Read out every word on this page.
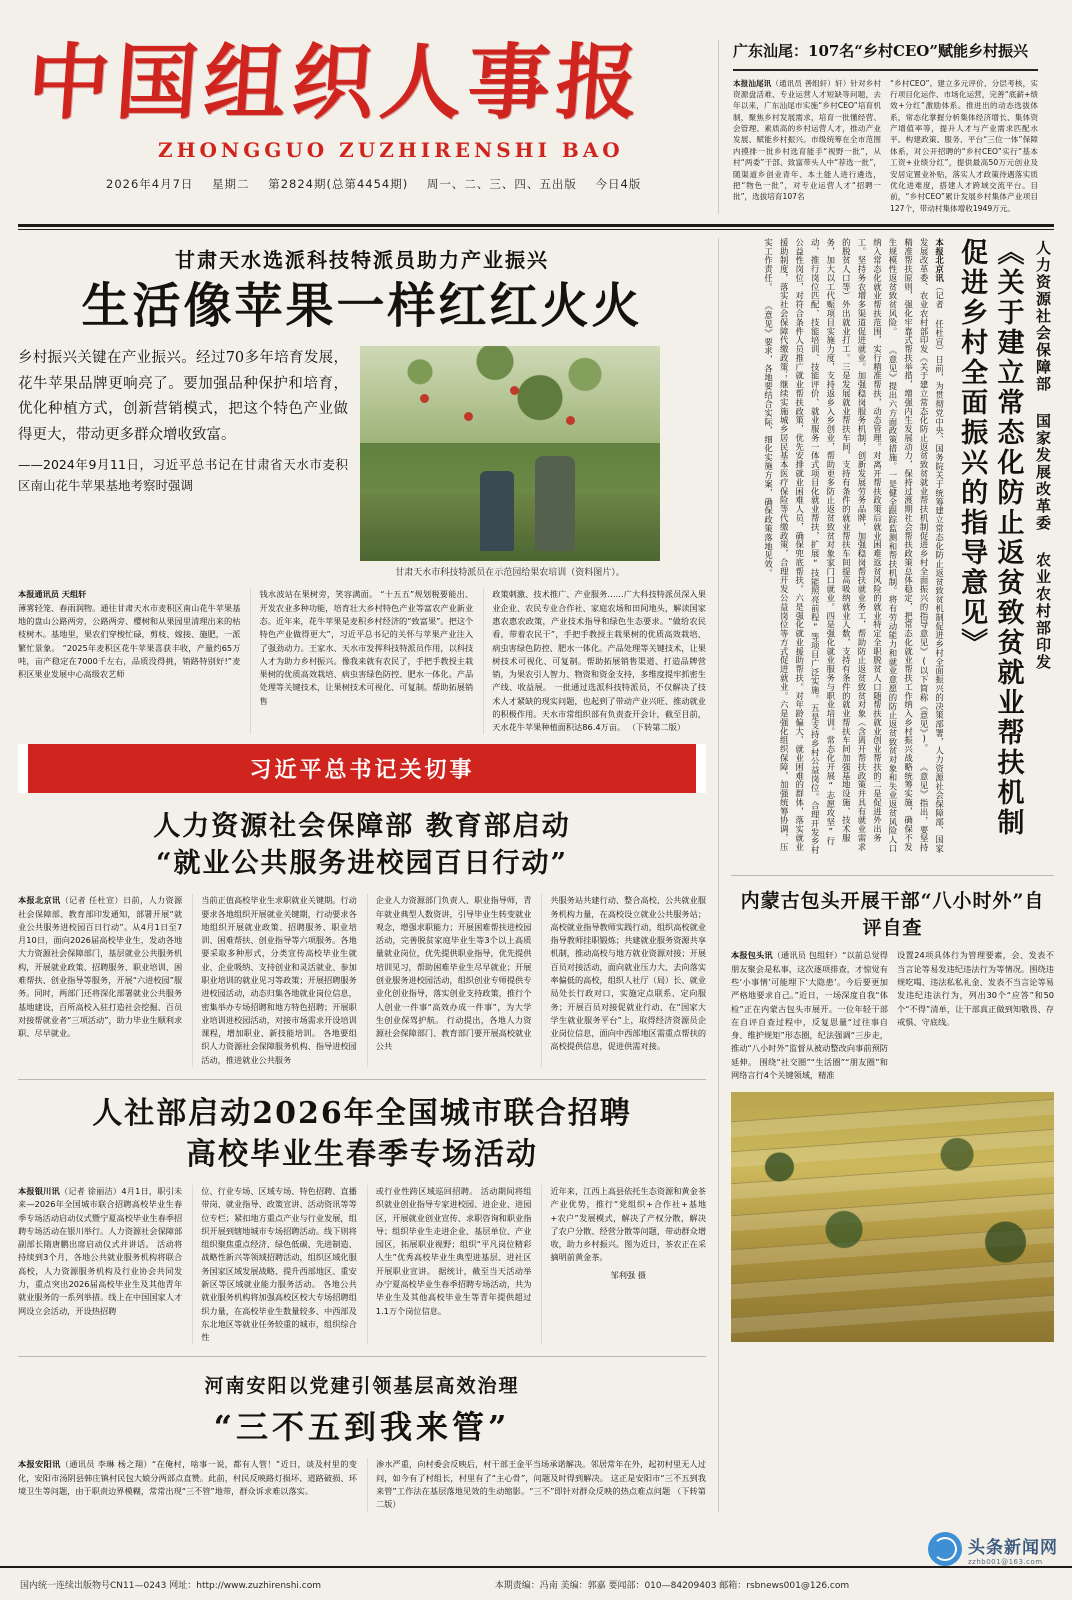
中国组织人事报
ZHONGGUO ZUZHIRENSHI BAO
2026年4月7日 星期二 第2824期(总第4454期) 周一、二、三、四、五出版 今日4版
广东汕尾：107名“乡村CEO”赋能乡村振兴
本报汕尾讯（通讯员 善组轩）轩）针对乡村资源盘活难、专业运营人才短缺等问题，去年以来，广东汕尾市实施“乡村CEO”培育机制，聚焦乡村发展需求，培育一批懂经营、会管理、素质高的乡村运营人才，推动产业发展、赋能乡村振兴。市级统筹在全市范围内摸排一批乡村选育能手“视野一批”，从村“两委”干部、致富带头人中“荐选一批”，随渠道乡创业青年、本土能人进行遴选，把“物色一批”，对专业运营人才“招聘一批”，选拔培育107名
“乡村CEO”。建立多元评价、分层考核，实行项目化运作、市场化运营，完善“底薪+绩效+分红”激励体系。推进出的动态选拔体系，常态化掌握分析集体经济增长、集体资产增值率等，提升人才与产业需求匹配水平。构建政策、服务、平台“三位一体”保障体系，对公开招聘的“乡村CEO”实行“基本工资+业绩分红”，提供最高50万元创业及安居定置业补贴，落实人才政策待遇落实质优化进难度，搭建人才跨域交流平台。目前，“乡村CEO”累计发展乡村集体产业项目127个，带动村集体增收1949万元。
甘肃天水选派科技特派员助力产业振兴
生活像苹果一样红红火火
乡村振兴关键在产业振兴。经过70多年培育发展，花牛苹果品牌更响亮了。要加强品种保护和培育，优化种植方式，创新营销模式，把这个特色产业做得更大，带动更多群众增收致富。
——2024年9月11日，习近平总书记在甘肃省天水市麦积区南山花牛苹果基地考察时强调
甘肃天水市科技特派员在示范园给果农培训（资料图片）。
本报通讯员 天组轩
薄雾轻笼、春雨润物。通往甘肃天水市麦积区南山花牛苹果基地的盘山公路两旁，公路两旁、樱树和从果园里清理出来的枯枝树木。基地里，果农们穿梭忙碌，剪枝、嫁接、施肥，一派繁忙景象。 “2025年麦积区花牛苹果喜获丰收，产量约65万吨，亩产稳定在7000千左右，品质没得挑，销路特别好!”麦积区果业发展中心高级农艺师
钱水波站在果树旁，笑容满面。 “十五五”规划税要能出、开发农业多种功能，培育壮大乡村特色产业等富农产业新业态。近年来，花牛苹果是麦积乡村经济的“致富果”。把这个特色产业做得更大”，习近平总书记的关怀与苹果产业注入了强劲动力。王家水、天水市发挥科技特派员作用，以科技人才为助力乡村振兴。像我来就有农民了，手把手教授主栽果树的优质高效栽培、病虫害绿色防控、肥水一体化。产品处理等关键技术，让果树技术可视化、可复制。帮助拓展销售
政策刺激、技术推广、产业服务……广大科技特派员深入果业企业、农民专业合作社、家庭农场和田间地头，解读国家惠农惠农政策，产业技术指导和绿色生态要求。“做给农民看，带着农民干”，手把手教授主栽果树的优质高效栽培、病虫害绿色防控、肥水一体化。产品处理等关键技术，让果树技术可视化、可复制。帮助拓展销售渠道、打造品牌营销，为果农引人智力、物资和资金支持，多维度提牢抓密生产线、收益展。 一批通过选派科技特派员，不仅解决了技术人才紧缺的现实问题，也起到了带动产业兴旺、推动就业的积极作用。天水市常组织部有负责查开会计，截至目前，天水花牛苹果种植面积达86.4万亩。 （下转第二版）
习近平总书记关切事
人力资源社会保障部 教育部启动
“就业公共服务进校园百日行动”
本报北京讯（记者 任杜宣）日前，人力资源社会保障部、教育部印发通知，部署开展“就业公共服务进校园百日行动”。从4月1日至7月10日，面向2026届高校毕业生，发动各地大力资源社会保障部门，基层就业公共服务机构，开展就业政策、招聘服务、职业培训、困难帮扶、创业指导等服务，开展“六进校园”服务。同时，两部门还将深化部署就业公共服务基地建设，百所高校入驻打造社会挖掘、百员对接帮就业者“三项活动”，助力毕业生顺利求职、尽早就业。
当前正值高校毕业生求职就业关键期。行动要求各地组织开展就业关键期，行动要求各地组织开展就业政策、招聘服务、职业培训、困难帮扶、创业指导等六项服务。各地要采取多种形式，分类宣传高校毕业生就业、企业吸纳、支持创业和灵活就业、参加职业培训的就业见习等政策；开展招聘服务进校园活动，动态归集各地就业岗位信息，密集举办专场招聘和地方特色招聘；开展职业培训进校园活动，对接市场需求开设培训课程，增加职业、新技能培训。 各地要组织人力资源社会保障服务机构、指导进校园活动，推进就业公共服务
企业人力资源部门负责人、职业指导师，青年就业典型人数资讲，引导毕业生转变就业观念，增强求职能力；开展困难帮扶进校园活动，完善脱贫家庭毕业生等3个以上高质量就业岗位，优先提供职业指导，优先提供培训见习，帮助困难毕业生尽早就业；开展创业服务进校园活动，组织创业专师提供专业化创业指导，落实创业支持政策，推行个人创业一件事“高效办成一件事”，为大学生创业保驾护航。 行动提出，各地人力资源社会保障部门、教育部门要开展高校就业公共
共服务站共建行动、整合高校、公共就业服务机构力量，在高校设立就业公共服务站；高校就业指导教师实践行动，组织高校就业指导教师挂职锻炼；共建就业服务资源共享机制，推动高校与地方就业资源对接；开展百员对接活动，面向就业压力大、去向落实率偏低的高校，组织人社厅（局）长、就业局处长行政对口，实施定点联系、定向服务；开展百员对接促就业行动、在“国家大学生就业服务平台”上，取得经济资源员企业岗位信息，面向中西部地区需重点帮扶的高校提供信息，促进供需对接。
人社部启动2026年全国城市联合招聘
高校毕业生春季专场活动
本报银川讯（记者 徐丽洁）4月1日，职引未来—2026年全国城市联合招聘高校毕业生春季专场活动启动仪式暨宁夏高校毕业生春季招聘专场活动在银川举行。人力资源社会保障部副部长隋唐鹏出席启动仪式并讲话。 活动将持续到3个月，各地公共就业服务机构将联合高校，人力资源服务机构及行业协会共同发力，重点突出2026届高校毕业生及其他青年就业服务的一系列举措。线上在中国国家人才网设立会活动，开设热招聘
位、行业专场、区域专场、特色招聘、直播带岗、就业指导、政策宣讲、活动资讯等等位专栏；紧扣地方重点产业与行业发展，组织开展到辖地城市专场招聘活动。线下则将组织聚焦重点经济、绿色低碳、先进制造、战略性新兴等领域招聘活动，组织区域化服务国家区域发展战略、提升西部地区、重安新区等区域就业能力服务活动。 各地公共就业服务机构将加强高校区校大专场招聘组织力量，在高校毕业生数量较多、中西部及东北地区等就业任务较重的城市，组织综合性
或行业性跨区域巡回招聘。 活动期间将组织就业创业指导专家进校园、进企业、进园区，开展就业创业宣传、求职咨询和职业指导；组织毕业生走进企业、基层单位、产业园区，拓展职业视野；组织“平凡岗位精彩人生”优秀高校毕业生典型进基层、进社区开展职业宣讲。 据统计，截至当天活动举办宁夏高校毕业生春季招聘专场活动，共为毕业生及其他高校毕业生等青年提供超过1.1万个岗位信息。
近年来，江西上高县依托生态资源和黄金茶产业优势，推行“党组织+合作社+基地+农户”发展模式，解决了产权分散，解决了农户分散、经营分散等问题，带动群众增收，助力乡村振兴。图为近日，茶农正在采摘明前黄金茶。
邹利强 摄
河南安阳以党建引领基层高效治理
“三不五到我来管”
本报安阳讯（通讯员 李琳 杨之翔）“在俺村，啥事一说，都有人管！”近日，谈及村里的变化，安阳市汤阴县韩庄镇村民包大娘分两部点直赞。此前，村民反映路灯损坏、道路破损、环境卫生等问题，由于职责边界模糊，常常出现“三不管”地带，群众诉求难以落实。
渗水严重，向村委会反映后，村干部王金平当场承诺解决。邻居常年在外，起初村里无人过问，如今有了村组长，村里有了“主心骨”，问题及时得到解决。 这正是安阳市“三不五到我来管”工作法在基层落地见效的生动缩影。“三不”即针对群众反映的热点难点问题 （下转第二版）
人力资源社会保障部 国家发展改革委 农业农村部印发
《关于建立常态化防止返贫致贫就业帮扶机制促进乡村全面振兴的指导意见》
本报北京讯（记者 任杜宣）日前，为贯彻党中央、国务院关于统筹建立常态化防止返贫致贫机制促进乡村全面振兴的决策部署，人力资源社会保障部、国家发展改革委、农业农村部印发《关于建立常态化防止返贫致贫就业帮扶机制促进乡村全面振兴的指导意见》(以下简称《意见》)。 《意见》指出，要坚持精准帮扶原则，强化牢靠式帮扶举措，增强内生发展动力，保持过渡期社会帮扶政策总体稳定，把常态化就业帮扶工作纳入乡村振兴战略统筹实施，确保不发生规模性返贫致贫风险。 《意见》提出六方面政策措施。一是健全跟踪监测和帮扶机制。将有劳动能力和就业意愿的防止返贫致贫对象和失业返贫风险人口纳入常态化就业帮扶范围，实行精准帮扶，动态管理。对离开帮扶政策后就业困难返贫风险的就业特定全职脱贫人口随帮扶就业创业帮扶的二是促进外出务工。坚持务农增多渠道促进就业。加强稳岗服务机制，创新发展劳务品牌，加强稳岗帮扶就业务工，帮助防止返贫致贫对象（含离开帮扶政策并具有就业需求的脱贫人口等）外出就业打工。三是发展就业帮扶车间，支持有条件的就业帮扶车间提高吸纳就业人数，支持有条件的就业帮扶车间加强基地设施、技术服务，加大以工代赈项目实施力度，支持返乡入乡创业，帮助更多防止返贫致贫对象家门口就业。四是强化就业服务与职业培训。常态化开展“志愿攻坚”行动，推行岗位匹配、技能培训、技能评价、就业服务一体式项目化就业帮扶，扩展“技能照亮前程”等项目广泛实施。五是支持乡村公益岗位。合理开发乡村公益性岗位，对符合条件人员推广就业帮扶政策，优先安排就业困难人员，确保兜底帮扶。六是强化就业援助帮扶。对年龄偏大、就业困难的群体，落实就业援助制度，落实社会保障代缴政策；继续实施城乡居民基本医疗保险等代缴政策，合理开发公益岗位等方式促进就业。六是强化组织保障，加强统筹协调，压实工作责任。 《意见》要求，各地要结合实际，细化实施方案，确保政策落地见效。
内蒙古包头开展干部“八小时外”自评自查
本报包头讯（通讯员 包组轩）“以前总觉得朋友聚会是私事，这次逐项排查，才惊觉有些‘小事情’可能埋下‘大隐患’。今后要更加严格地要求自己。”近日，一场深度自我“体检”正在内蒙古包头市展开。一位年轻干部在自评自查过程中，反复思量“过往事自身、维护规矩”形态圈，纪法强调“三步走，推动“八小时外”监督从被动整改向事前预防延伸。 围绕“社交圈”“生活圈”“朋友圈”和网络言行4个关键领域，精准
设置24项具体行为管理要素，会、发表不当言论等易发违纪违法行为等情况。围绕违规吃喝、违法私私礼金、发表不当言论等易发违纪违法行为，列出30个“应答”和50个“不得”清单，让干部真正做到知敬畏、存戒惧、守底线。
头条新闻网
zzhb001@163.com
国内统一连续出版物号CN11—0243 网址：http://www.zuzhirenshi.com	本期责编：冯南 美编：郭嘉 要闻部：010—84209403 邮箱：rsbnews001@126.com
